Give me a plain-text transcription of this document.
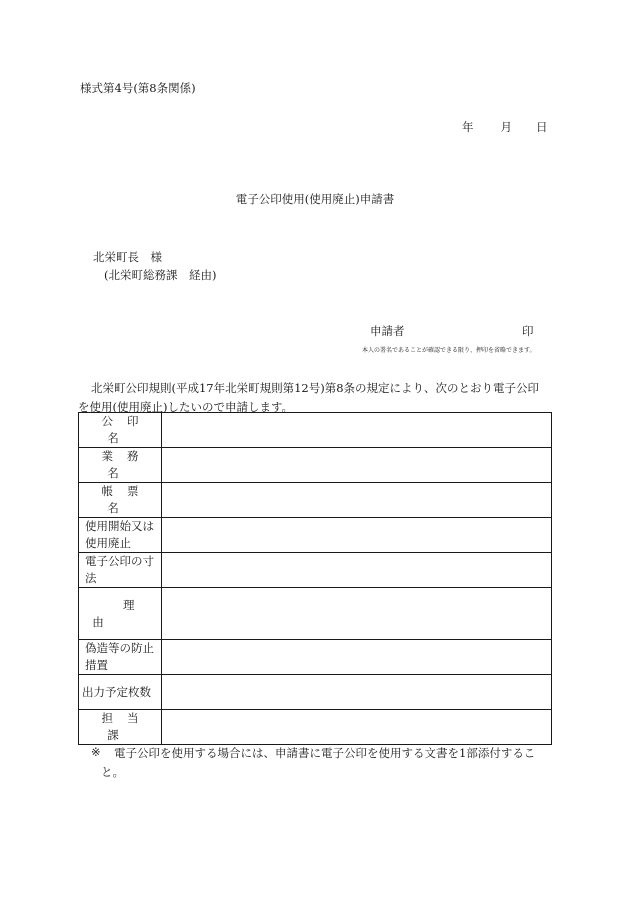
様式第4号(第8条関係)
年 月 日
電子公印使用(使用廃止)申請書
北栄町長　様
(北栄町総務課　経由)
申請者	印
本人の署名であることが確認できる限り、押印を省略できます。
北栄町公印規則(平成17年北栄町規則第12号)第8条の規定により、次のとおり電子公印
を使用(使用廃止)したいので申請します。
公印名	
業務名	
帳票名	
使用開始又は使用廃止	
電子公印の寸法	
理由	
偽造等の防止措置	
出力予定枚数	
担当課	
※ 電子公印を使用する場合には、申請書に電子公印を使用する文書を1部添付するこ
と。
